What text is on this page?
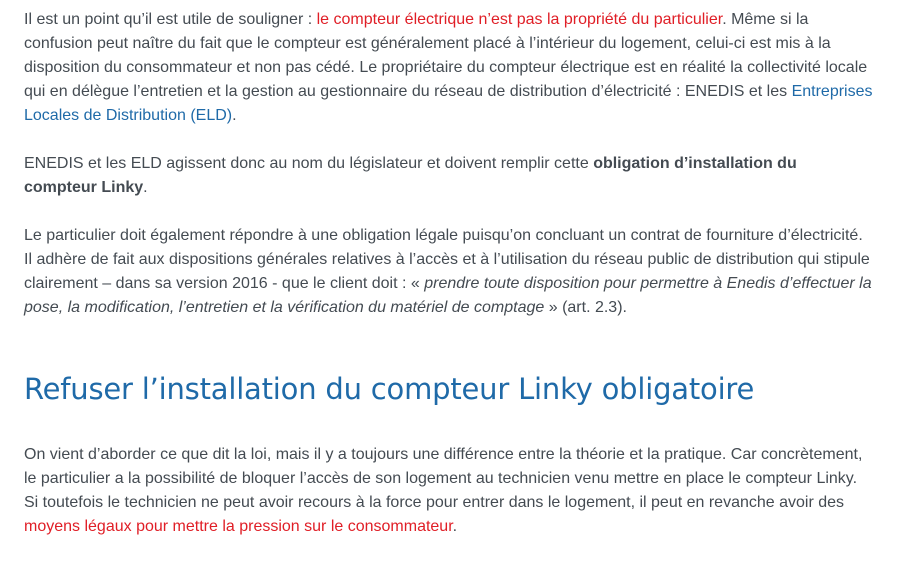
Il est un point qu’il est utile de souligner : le compteur électrique n’est pas la propriété du particulier. Même si la confusion peut naître du fait que le compteur est généralement placé à l’intérieur du logement, celui-ci est mis à la disposition du consommateur et non pas cédé. Le propriétaire du compteur électrique est en réalité la collectivité locale qui en délègue l’entretien et la gestion au gestionnaire du réseau de distribution d’électricité : ENEDIS et les Entreprises Locales de Distribution (ELD).

ENEDIS et les ELD agissent donc au nom du législateur et doivent remplir cette obligation d’installation du compteur Linky.

Le particulier doit également répondre à une obligation légale puisqu’on concluant un contrat de fourniture d’électricité. Il adhère de fait aux dispositions générales relatives à l’accès et à l’utilisation du réseau public de distribution qui stipule clairement – dans sa version 2016 - que le client doit : « prendre toute disposition pour permettre à Enedis d’effectuer la pose, la modification, l’entretien et la vérification du matériel de comptage » (art. 2.3).

Refuser l’installation du compteur Linky obligatoire

On vient d’aborder ce que dit la loi, mais il y a toujours une différence entre la théorie et la pratique. Car concrètement, le particulier a la possibilité de bloquer l’accès de son logement au technicien venu mettre en place le compteur Linky. Si toutefois le technicien ne peut avoir recours à la force pour entrer dans le logement, il peut en revanche avoir des moyens légaux pour mettre la pression sur le consommateur.
